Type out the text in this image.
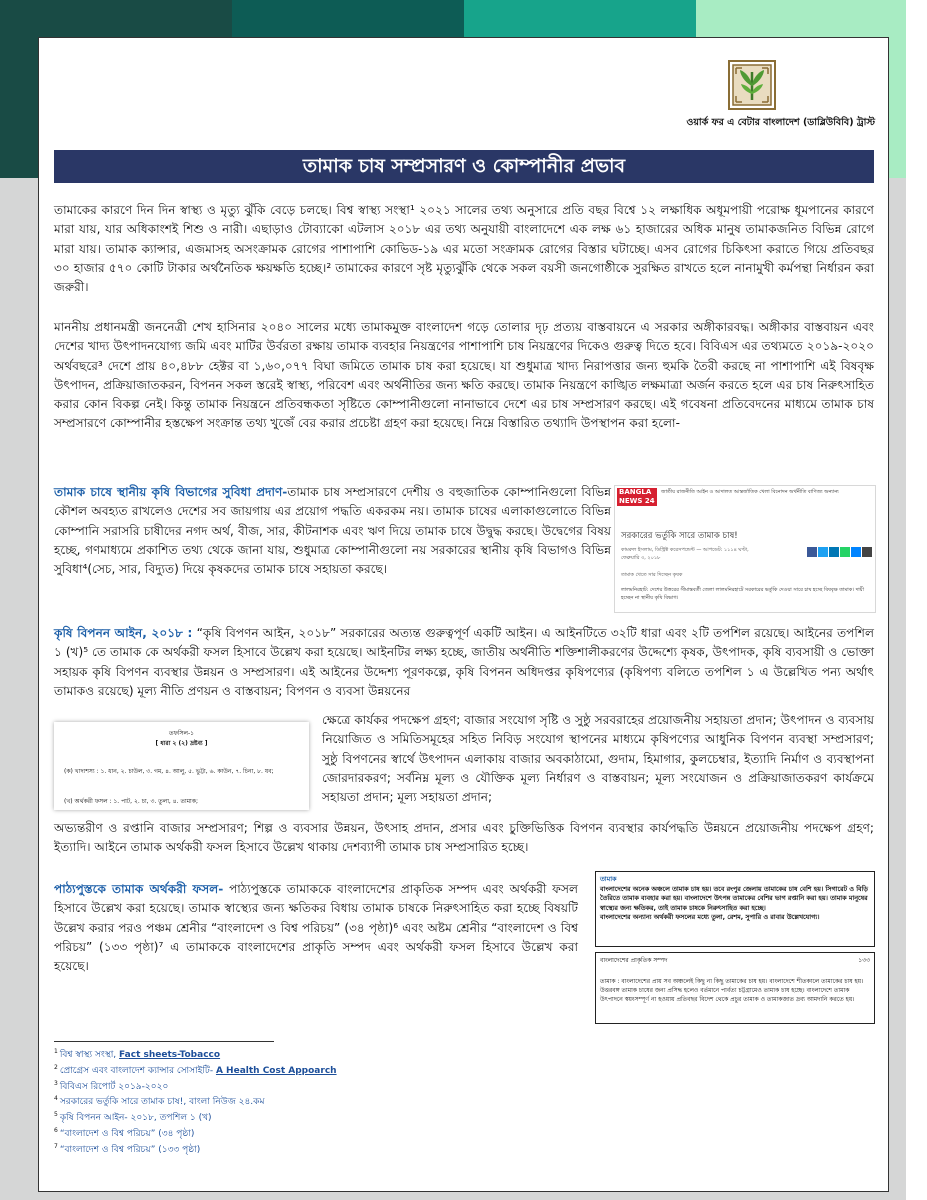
ওয়ার্ক ফর এ বেটার বাংলাদেশ (ডাব্লিউবিবি) ট্রাস্ট
তামাক চাষ সম্প্রসারণ ও কোম্পানীর প্রভাব

তামাকের কারণে দিন দিন স্বাস্থ্য ও মৃত্যু ঝুঁকি বেড়ে চলছে। বিশ্ব স্বাস্থ্য সংস্থা¹ ২০২১ সালের তথ্য অনুসারে প্রতি বছর বিশ্বে ১২ লক্ষাধিক অধূমপায়ী পরোক্ষ ধূমপানের কারণে মারা যায়, যার অধিকাংশই শিশু ও নারী। এছাড়াও টোব্যাকো এটলাস ২০১৮ এর তথ্য অনুযায়ী বাংলাদেশে এক লক্ষ ৬১ হাজারের অধিক মানুষ তামাকজনিত বিভিন্ন রোগে মারা যায়। তামাক ক্যান্সার, এজমাসহ অসংক্রামক রোগের পাশাপাশি কোভিড-১৯ এর মতো সংক্রামক রোগের বিস্তার ঘটাচ্ছে। এসব রোগের চিকিৎসা করাতে গিয়ে প্রতিবছর ৩০ হাজার ৫৭০ কোটি টাকার অর্থনৈতিক ক্ষয়ক্ষতি হচ্ছে।² তামাকের কারণে সৃষ্ট মৃত্যুঝুঁকি থেকে সকল বয়সী জনগোষ্ঠীকে সুরক্ষিত রাখতে হলে নানামুখী কর্মপন্থা নির্ধারন করা জরুরী।

মাননীয় প্রধানমন্ত্রী জননেত্রী শেখ হাসিনার ২০৪০ সালের মধ্যে তামাকমুক্ত বাংলাদেশ গড়ে তোলার দৃঢ় প্রত্যয় বাস্তবায়নে এ সরকার অঙ্গীকারবদ্ধ। অঙ্গীকার বাস্তবায়ন এবং দেশের খাদ্য উৎপাদনযোগ্য জমি এবং মাটির উর্বরতা রক্ষায় তামাক ব্যবহার নিয়ন্ত্রণের পাশাপাশি চাষ নিয়ন্ত্রণের দিকেও গুরুত্ব দিতে হবে। বিবিএস এর তথ্যমতে ২০১৯-২০২০ অর্থবছরে³ দেশে প্রায় ৪০,৪৮৮ হেক্টর বা ১,৬০,০৭৭ বিঘা জমিতে তামাক চাষ করা হয়েছে। যা শুধুমাত্র খাদ্য নিরাপত্তার জন্য হুমকি তৈরী করছে না পাশাপাশি এই বিষবৃক্ষ উৎপাদন, প্রক্রিয়াজাতকরন, বিপনন সকল স্তরেই স্বাস্থ্য, পরিবেশ এবং অর্থনীতির জন্য ক্ষতি করছে। তামাক নিয়ন্ত্রণে কাঙ্খিত লক্ষমাত্রা অর্জন করতে হলে এর চাষ নিরুৎসাহিত করার কোন বিকল্প নেই। কিন্তু তামাক নিয়ন্ত্রনে প্রতিবন্ধকতা সৃষ্টিতে কোম্পানীগুলো নানাভাবে দেশে এর চাষ সম্প্রসারণ করছে। এই গবেষনা প্রতিবেদনের মাধ্যমে তামাক চাষ সম্প্রসারণে কোম্পানীর হস্তক্ষেপ সংক্রান্ত তথ্য খুজেঁ বের করার প্রচেষ্টা গ্রহণ করা হয়েছে। নিম্নে বিস্তারিত তথ্যাদি উপস্থাপন করা হলো-

তামাক চাষে স্থানীয় কৃষি বিভাগের সুবিধা প্রদাণ-তামাক চাষ সম্প্রসারণে দেশীয় ও বহুজাতিক কোম্পানিগুলো বিভিন্ন কৌশল অবহ্যত রাখলেও দেশের সব জায়গায় এর প্রয়োগ পদ্ধতি একরকম নয়। তামাক চাষের এলাকাগুলোতে বিভিন্ন কোম্পানি সরাসরি চাষীদের নগদ অর্থ, বীজ, সার, কীটনাশক এবং ঋণ দিয়ে তামাক চাষে উদ্বুদ্ধ করছে। উদ্বেগের বিষয় হচ্ছে, গণমাধ্যমে প্রকাশিত তথ্য থেকে জানা যায়, শুধুমাত্র কোম্পানীগুলো নয় সরকারের স্থানীয় কৃষি বিভাগও বিভিন্ন সুবিধা⁴(সেচ, সার, বিদ্যুত) দিয়ে কৃষকদের তামাক চাষে সহায়তা করছে।

BANGLA NEWS 24
জাতীয় রাজনীতি আইন ও আদালত আন্তর্জাতিক খেলা বিনোদন অর্থনীতি বাণিজ্য অন্যান্য
সরকারের ভর্তুকি সারে তামাক চাষ!
কামরুল ইসলাম, ডিস্ট্রিক্ট করেসপন্ডেন্ট — আপডেট: ১১১৪ ঘণ্টা, ফেব্রুয়ারি ৩, ২০১৮
তামাক খেতে সার দিচ্ছেন কৃষক
লালমনিরহাট: দেশের উত্তরের সীমান্তবর্তী জেলা লালমনিরহাটে সরকারের ভর্তুকি দেওয়া সারে চাষ হচ্ছে বিষবৃক্ষ তামাক। দায়ী হচ্ছেন না স্থানীয় কৃষি বিভাগ।

কৃষি বিপনন আইন, ২০১৮ : “কৃষি বিপণন আইন, ২০১৮” সরকারের অত্যন্ত গুরুত্বপূর্ণ একটি আইন। এ আইনটিতে ৩২টি ধারা এবং ২টি তপশিল রয়েছে। আইনের তপশিল ১ (খ)⁵ তে তামাক কে অর্থকরী ফসল হিসাবে উল্লেখ করা হয়েছে। আইনটির লক্ষ্য হচ্ছে, জাতীয় অর্থনীতি শক্তিশালীকরণের উদ্দেশ্যে কৃষক, উৎপাদক, কৃষি ব্যবসায়ী ও ভোক্তা সহায়ক কৃষি বিপণন ব্যবস্থার উন্নয়ন ও সম্প্রসারণ। এই আইনের উদ্দেশ্য পূরণকল্পে, কৃষি বিপনন অধিদপ্তর কৃষিপণ্যের (কৃষিপণ্য বলিতে তপশিল ১ এ উল্লেখিত পন্য অর্থাৎ তামাকও রয়েছে) মূল্য নীতি প্রণয়ন ও বাস্তবায়ন; বিপণন ও ব্যবসা উন্নয়নের

ক্ষেত্রে কার্যকর পদক্ষেপ গ্রহণ; বাজার সংযোগ সৃষ্টি ও সুষ্ঠু সরবরাহের প্রয়োজনীয় সহায়তা প্রদান; উৎপাদন ও ব্যবসায় নিয়োজিত ও সমিতিসমূহের সহিত নিবিড় সংযোগ স্থাপনের মাধ্যমে কৃষিপণ্যের আধুনিক বিপণন ব্যবস্থা সম্প্রসারণ; সুষ্ঠু বিপণনের স্বার্থে উৎপাদন এলাকায় বাজার অবকাঠামো, গুদাম, হিমাগার, কুলচেম্বার, ইত্যাদি নির্মাণ ও ব্যবস্থাপনা জোরদারকরণ; সর্বনিম্ন মূল্য ও যৌক্তিক মূল্য নির্ধারণ ও বাস্তবায়ন; মূল্য সংযোজন ও প্রক্রিয়াজাতকরণ কার্যক্রমে সহায়তা প্রদান; মূল্য সহায়তা প্রদান;

অভ্যন্তরীণ ও রপ্তানি বাজার সম্প্রসারণ; শিল্প ও ব্যবসার উন্নয়ন, উৎসাহ প্রদান, প্রসার এবং চুক্তিভিত্তিক বিপণন ব্যবস্থার কার্যপদ্ধতি উন্নয়নে প্রয়োজনীয় পদক্ষেপ গ্রহণ; ইত্যাদি। আইনে তামাক অর্থকরী ফসল হিসাবে উল্লেখ থাকায় দেশব্যাপী তামাক চাষ সম্প্রসারিত হচ্ছে।

তফসিল-১
[ ধারা ২ (২) দ্রষ্টব্য ]
(ক) খাদ্যশস্য : ১. ধান, ২. চাউল, ৩. গম, ৪. আলু, ৫. ভুট্টা, ৬. কাউন, ৭. চিনা, ৮. যব;
(খ) অর্থকরী ফসল : ১. পাট, ২. চা, ৩. তুলা, ৪. তামাক;

পাঠ্যপুস্তকে তামাক অর্থকরী ফসল- পাঠ্যপুস্তকে তামাককে বাংলাদেশের প্রাকৃতিক সম্পদ এবং অর্থকরী ফসল হিসাবে উল্লেখ করা হয়েছে। তামাক স্বাস্থ্যের জন্য ক্ষতিকর বিধায় তামাক চাষকে নিরুৎসাহিত করা হচ্ছে বিষয়টি উল্লেখ করার পরও পঞ্চম শ্রেনীর “বাংলাদেশ ও বিশ্ব পরিচয়” (৩৪ পৃষ্ঠা)⁶ এবং অষ্টম শ্রেনীর “বাংলাদেশ ও বিশ্ব পরিচয়” (১৩৩ পৃষ্ঠা)⁷ এ তামাককে বাংলাদেশের প্রাকৃতি সম্পদ এবং অর্থকরী ফসল হিসাবে উল্লেখ করা হয়েছে।

তামাক
বাংলাদেশের অনেক অঞ্চলে তামাক চাষ হয়। তবে রংপুর জেলায় তামাকের চাষ বেশি হয়। সিগারেট ও বিড়ি তৈরিতে তামাক ব্যবহার করা হয়। বাংলাদেশে উৎপন্ন তামাকের বেশির ভাগ রপ্তানি করা হয়। তামাক মানুষের স্বাস্থ্যের জন্য ক্ষতিকর, তাই তামাক চাষকে নিরুৎসাহিত করা হচ্ছে।
বাংলাদেশের অন্যান্য অর্থকরী ফসলের মধ্যে তুলা, রেশম, সুপারি ও রাবার উল্লেখযোগ্য।
বাংলাদেশের প্রাকৃতিক সম্পদ	১৩৩
তামাক : বাংলাদেশের প্রায় সব অঞ্চলেই কিছু না কিছু তামাকের চাষ হয়। বাংলাদেশে শীতকালে তামাকের চাষ হয়। উত্তরবঙ্গ তামাক চাষের জন্য প্রসিদ্ধ হলেও বর্তমানে পার্বত্য চট্টগ্রামেও তামাক চাষ হচ্ছে। বাংলাদেশে তামাক উৎপাদনে স্বয়ংসম্পূর্ণ না হওয়ায় প্রতিবছর বিদেশ থেকে প্রচুর তামাক ও তামাকজাত দ্রব্য আমদানি করতে হয়।
$^1$ বিশ্ব স্বাস্থ্য সংস্থা, Fact sheets-Tobacco
$^2$ প্রোগ্রেস এবং বাংলাদেশ ক্যান্সার সোসাইটি- A Health Cost Appoarch
$^3$ বিবিএস রিপোর্ট ২০১৯-২০২০
$^4$ সরকারের ভর্তুকি সারে তামাক চাষ!, বাংলা নিউজ ২৪.কম
$^5$ কৃষি বিপনন আইন- ২০১৮, তপশিল ১ (খ)
$^6$ “বাংলাদেশ ও বিশ্ব পরিচয়” (৩৪ পৃষ্ঠা)
$^7$ “বাংলাদেশ ও বিশ্ব পরিচয়” (১৩৩ পৃষ্ঠা)
